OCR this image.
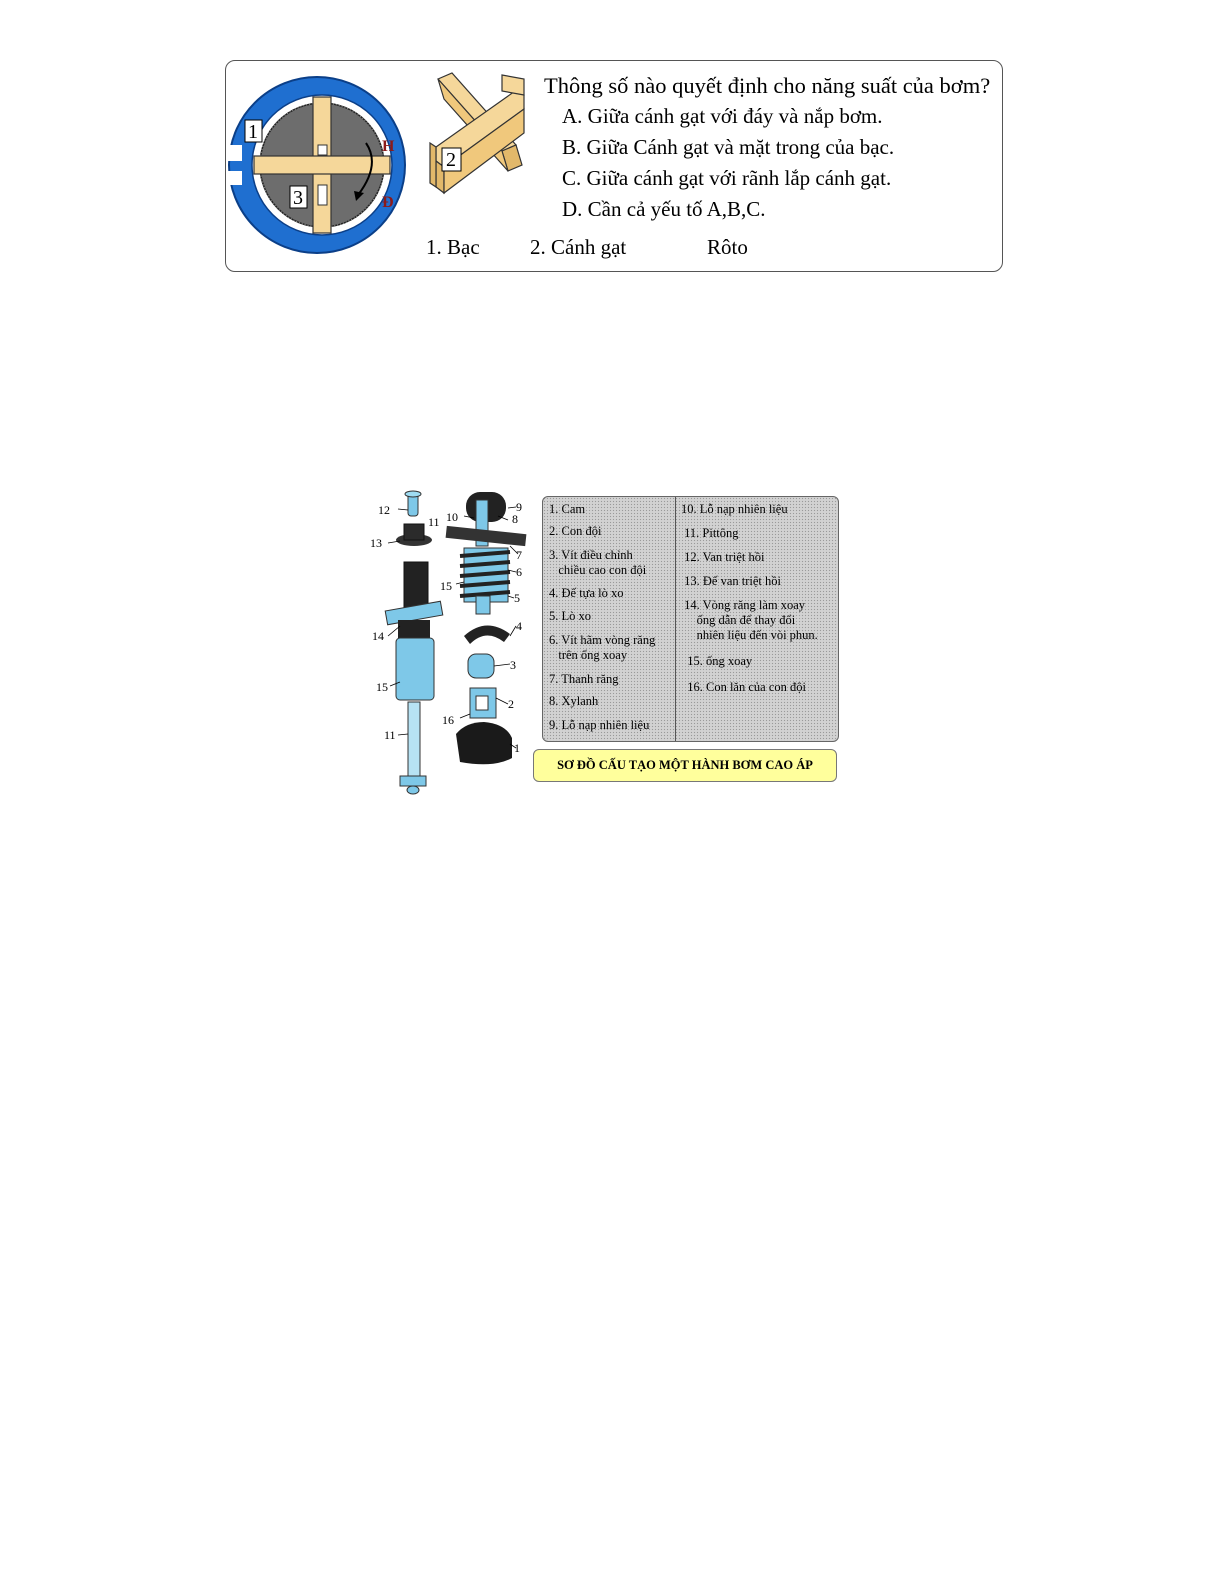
1
3
H
Đ
2
Thông số nào quyết định cho năng suất của bơm?
A. Giữa cánh gạt với đáy và nắp bơm.
B. Giữa Cánh gạt và mặt trong của bạc.
C. Giữa cánh gạt với rãnh lắp cánh gạt.
D. Cần cả yếu tố A,B,C.
1. Bạc 2. Cánh gạt	Rôto
12
13
14
15
11
9
8
10
11
7
6
15
5
4
3
2
16
1
1. Cam
2. Con đội
3. Vít điều chỉnh
chiều cao con đội
4. Đế tựa lò xo
5. Lò xo
6. Vít hãm vòng răng
trên ống xoay
7. Thanh răng
8. Xylanh
9. Lỗ nạp nhiên liệu
10. Lỗ nạp nhiên liệu
11. Pittông
12. Van triệt hồi
13. Đế van triệt hồi
14. Vòng răng làm xoay
ống dẫn để thay đổi
nhiên liệu đến vòi phun.
15. ống xoay
16. Con lăn của con đội
SƠ ĐỒ CẤU TẠO MỘT HÀNH BƠM CAO ÁP
